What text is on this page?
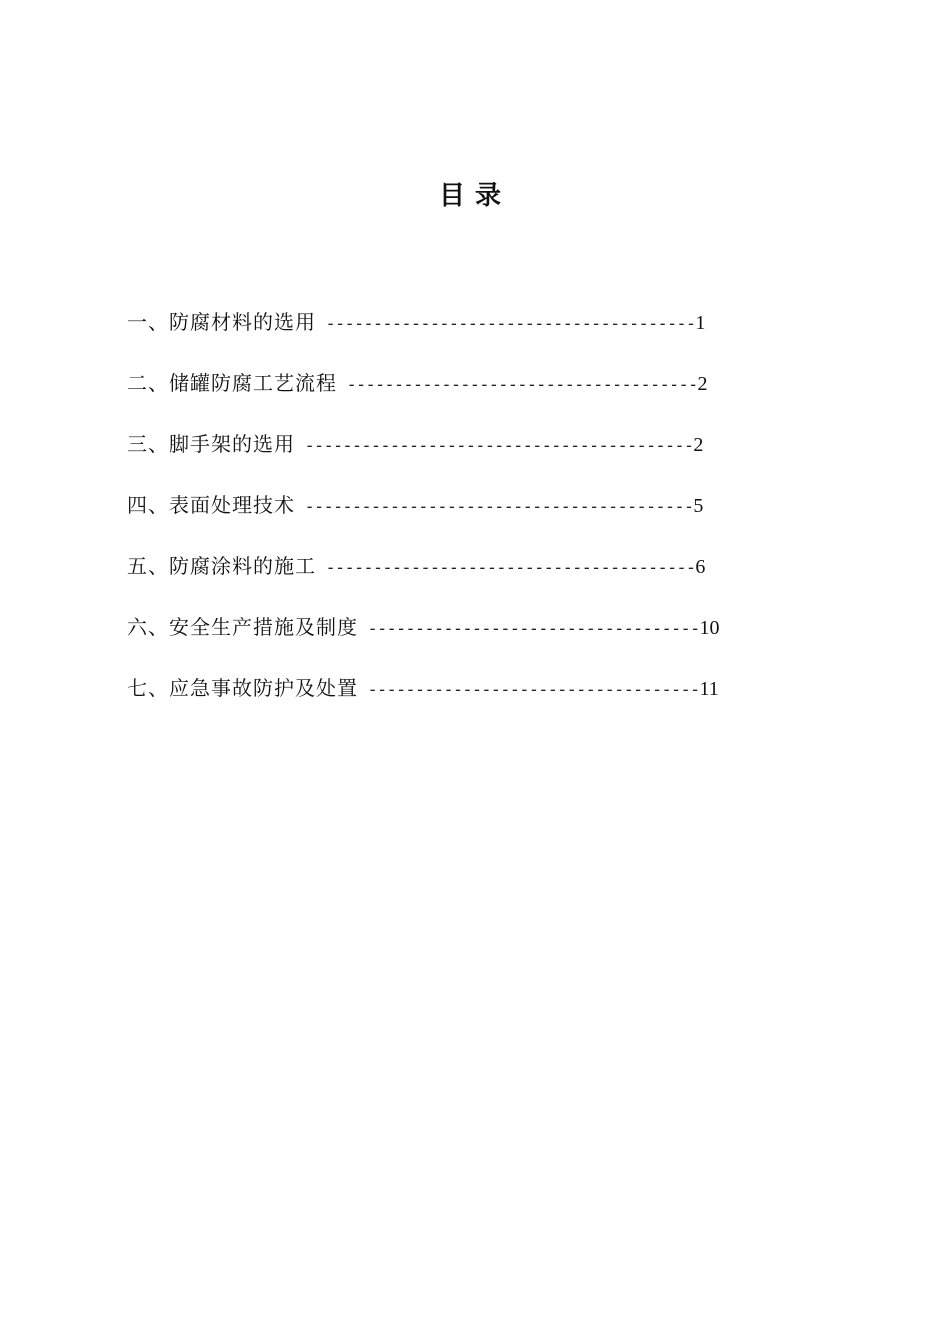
目录
一、防腐材料的选用 ---------------------------------------1
二、储罐防腐工艺流程 -------------------------------------2
三、脚手架的选用 -----------------------------------------2
四、表面处理技术 -----------------------------------------5
五、防腐涂料的施工 ---------------------------------------6
六、安全生产措施及制度 -----------------------------------10
七、应急事故防护及处置 -----------------------------------11
